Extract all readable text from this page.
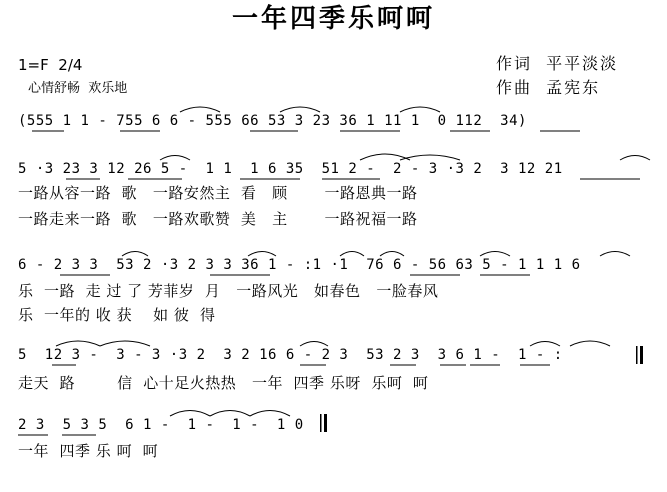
一年四季乐呵呵
1=F  2/4
心情舒畅  欢乐地
作词  平平淡淡
作曲  孟宪东
(555 1 1 - 755 6 6 - 555 66 53 3 23 36 1 11 1  0 112  34)
5 ·3 23 3 12 26 5 -  1 1  1 6 35  51 2 -  2 - 3 ·3 2  3 12 21
一路从容一路  歌   一路安然主  看   顾       一路恩典一路
一路走来一路  歌   一路欢歌赞  美   主       一路祝福一路
6 - 2 3 3  53 2 ·3 2 3 3 36 1 - :1 ·1  76 6 - 56 63 5 - 1 1 1 6
乐  一路  走 过 了 芳菲岁  月   一路风光   如春色   一脸春风
乐  一年的 收 获    如 彼  得
5  12 3 -  3 - 3 ·3 2  3 2 16 6 - 2 3  53 2 3  3 6 1 -  1 - :
走天  路        信  心十足火热热   一年  四季 乐呀  乐呵  呵
2 3  5 3 5  6 1 -  1 -  1 -  1 0
一年  四季 乐 呵  呵
